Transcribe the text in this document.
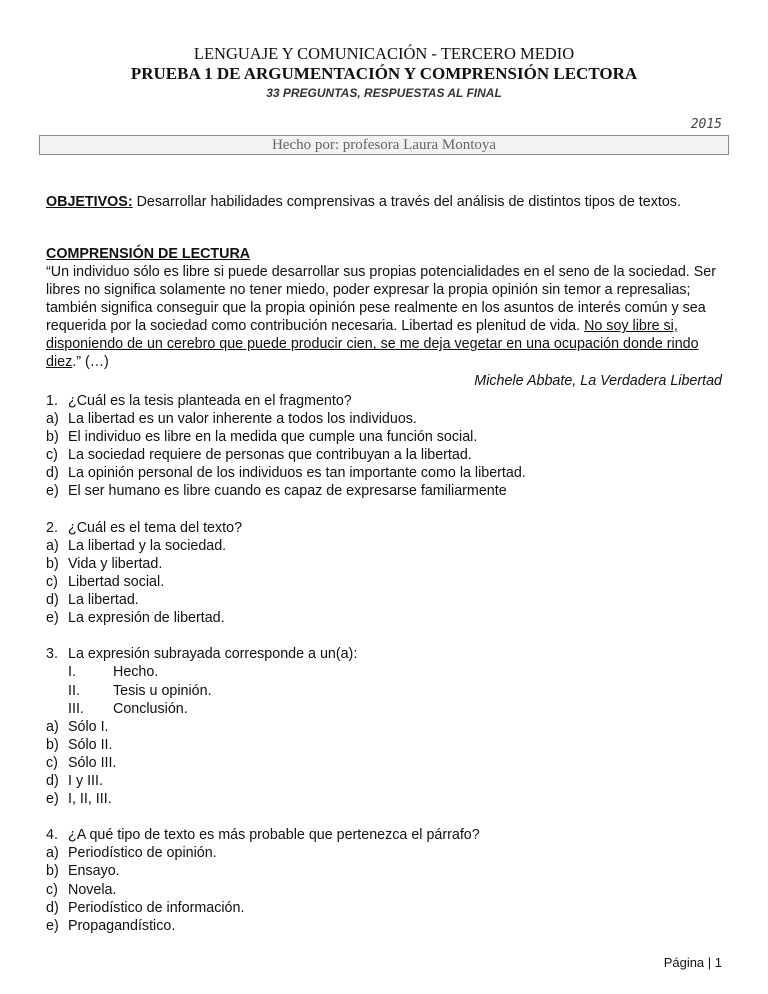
LENGUAJE Y COMUNICACIÓN - TERCERO MEDIO
PRUEBA 1 DE ARGUMENTACIÓN Y COMPRENSIÓN LECTORA
33 PREGUNTAS, RESPUESTAS AL FINAL
2015
Hecho por: profesora Laura Montoya
OBJETIVOS: Desarrollar habilidades comprensivas a través del análisis de distintos tipos de textos.
COMPRENSIÓN DE LECTURA
“Un individuo sólo es libre si puede desarrollar sus propias potencialidades en el seno de la sociedad. Ser libres no significa solamente no tener miedo, poder expresar la propia opinión sin temor a represalias; también significa conseguir que la propia opinión pese realmente en los asuntos de interés común y sea requerida por la sociedad como contribución necesaria. Libertad es plenitud de vida. No soy libre si, disponiendo de un cerebro que puede producir cien, se me deja vegetar en una ocupación donde rindo diez.” (…)
Michele Abbate, La Verdadera Libertad
1. ¿Cuál es la tesis planteada en el fragmento?
a) La libertad es un valor inherente a todos los individuos.
b) El individuo es libre en la medida que cumple una función social.
c) La sociedad requiere de personas que contribuyan a la libertad.
d) La opinión personal de los individuos es tan importante como la libertad.
e) El ser humano es libre cuando es capaz de expresarse familiarmente
2. ¿Cuál es el tema del texto?
a) La libertad y la sociedad.
b) Vida y libertad.
c) Libertad social.
d) La libertad.
e) La expresión de libertad.
3. La expresión subrayada corresponde a un(a):
I.	Hecho.
II.	Tesis u opinión.
III.	Conclusión.
a) Sólo I.
b) Sólo II.
c) Sólo III.
d) I y III.
e) I, II, III.
4. ¿A qué tipo de texto es más probable que pertenezca el párrafo?
a) Periodístico de opinión.
b) Ensayo.
c) Novela.
d) Periodístico de información.
e) Propagandístico.
Página | 1
